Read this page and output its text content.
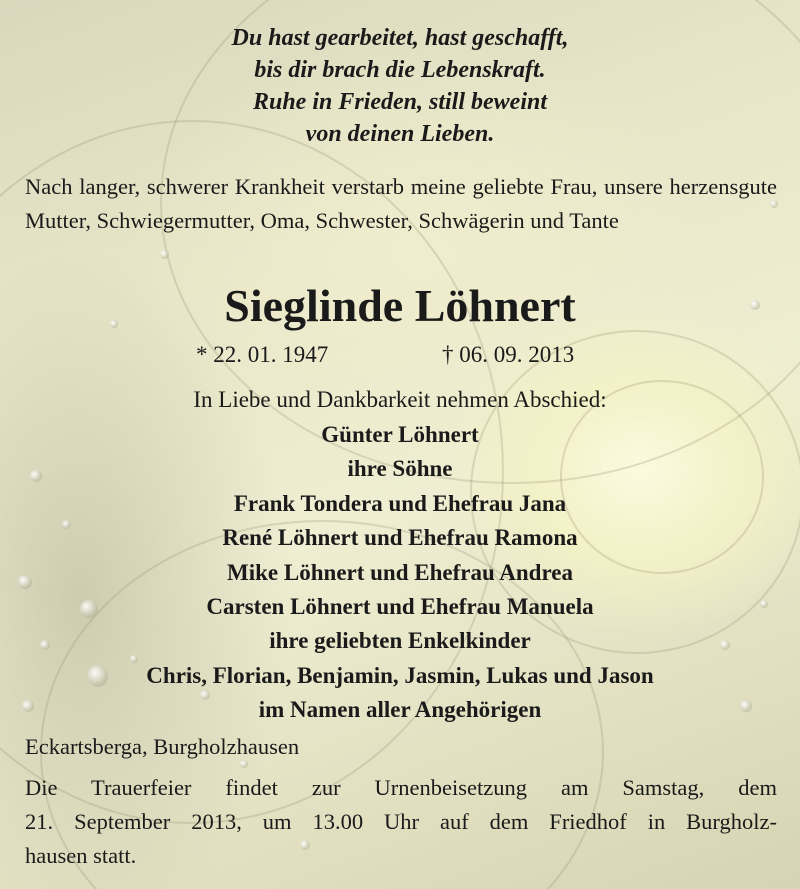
Du hast gearbeitet, hast geschafft,
bis dir brach die Lebenskraft.
Ruhe in Frieden, still beweint
von deinen Lieben.
Nach langer, schwerer Krankheit verstarb meine geliebte Frau, unsere herzensgute Mutter, Schwiegermutter, Oma, Schwester, Schwägerin und Tante
Sieglinde Löhnert
* 22. 01. 1947	† 06. 09. 2013
In Liebe und Dankbarkeit nehmen Abschied:
Günter Löhnert
ihre Söhne
Frank Tondera und Ehefrau Jana
René Löhnert und Ehefrau Ramona
Mike Löhnert und Ehefrau Andrea
Carsten Löhnert und Ehefrau Manuela
ihre geliebten Enkelkinder
Chris, Florian, Benjamin, Jasmin, Lukas und Jason
im Namen aller Angehörigen
Eckartsberga, Burgholzhausen
Die Trauerfeier findet zur Urnenbeisetzung am Samstag, dem
21. September 2013, um 13.00 Uhr auf dem Friedhof in Burgholz-
hausen statt.
